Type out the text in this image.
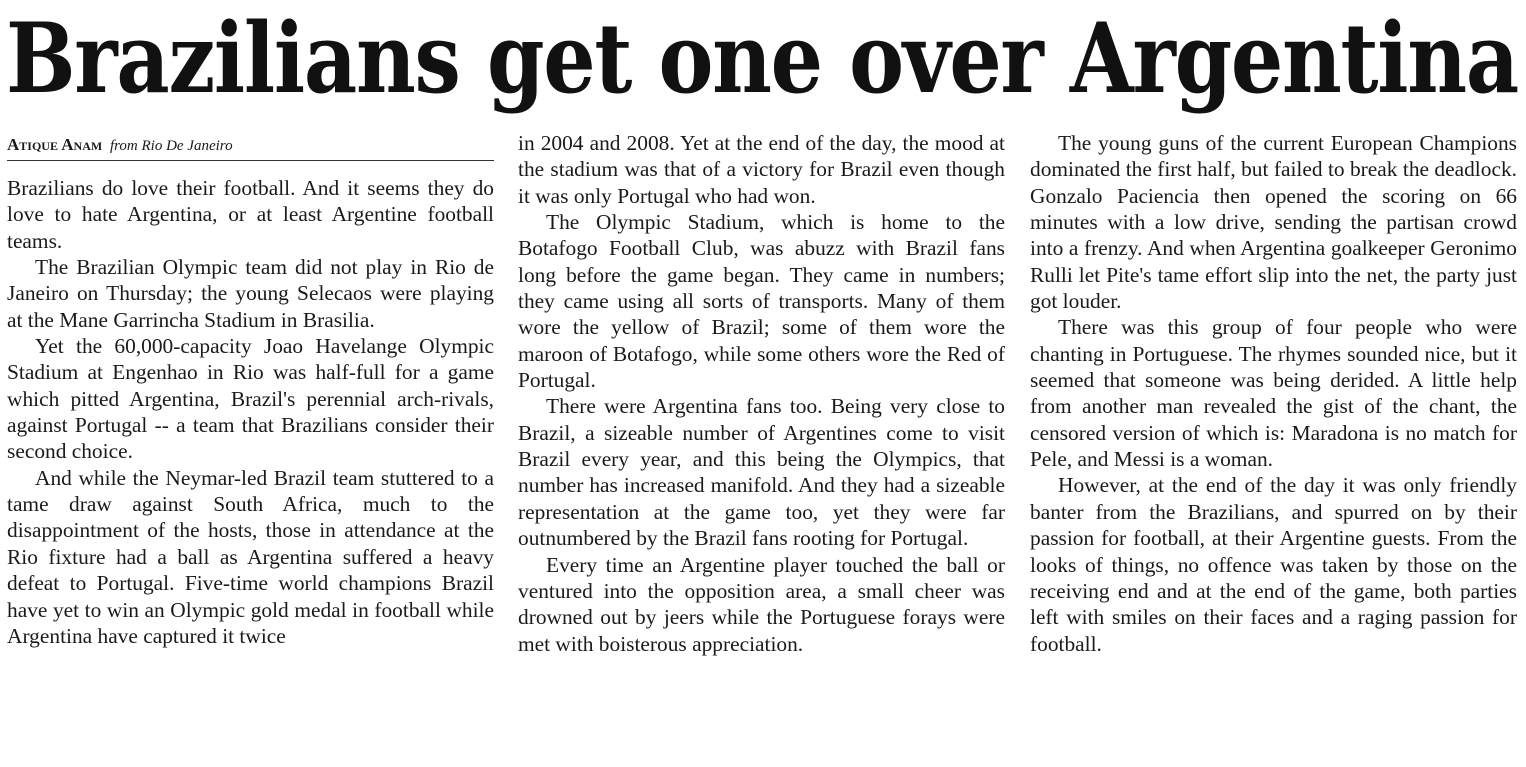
Brazilians get one over Argentina
Atique Anam from Rio De Janeiro

Brazilians do love their football. And it seems they do love to hate Argentina, or at least Argentine football teams.

The Brazilian Olympic team did not play in Rio de Janeiro on Thursday; the young Selecaos were playing at the Mane Garrincha Stadium in Brasilia.

Yet the 60,000-capacity Joao Havelange Olympic Stadium at Engenhao in Rio was half-full for a game which pitted Argentina, Brazil's perennial arch-rivals, against Portugal -- a team that Brazilians consider their second choice.

And while the Neymar-led Brazil team stuttered to a tame draw against South Africa, much to the disappointment of the hosts, those in attendance at the Rio fixture had a ball as Argentina suffered a heavy defeat to Portugal. Five-time world champions Brazil have yet to win an Olympic gold medal in football while Argentina have captured it twice

in 2004 and 2008. Yet at the end of the day, the mood at the stadium was that of a victory for Brazil even though it was only Portugal who had won.

The Olympic Stadium, which is home to the Botafogo Football Club, was abuzz with Brazil fans long before the game began. They came in numbers; they came using all sorts of transports. Many of them wore the yellow of Brazil; some of them wore the maroon of Botafogo, while some others wore the Red of Portugal.

There were Argentina fans too. Being very close to Brazil, a sizeable number of Argentines come to visit Brazil every year, and this being the Olympics, that number has increased manifold. And they had a sizeable representation at the game too, yet they were far outnumbered by the Brazil fans rooting for Portugal.

Every time an Argentine player touched the ball or ventured into the opposition area, a small cheer was drowned out by jeers while the Portuguese forays were met with boisterous appreciation.

The young guns of the current European Champions dominated the first half, but failed to break the deadlock. Gonzalo Paciencia then opened the scoring on 66 minutes with a low drive, sending the partisan crowd into a frenzy. And when Argentina goalkeeper Geronimo Rulli let Pite's tame effort slip into the net, the party just got louder.

There was this group of four people who were chanting in Portuguese. The rhymes sounded nice, but it seemed that someone was being derided. A little help from another man revealed the gist of the chant, the censored version of which is: Maradona is no match for Pele, and Messi is a woman.

However, at the end of the day it was only friendly banter from the Brazilians, and spurred on by their passion for football, at their Argentine guests. From the looks of things, no offence was taken by those on the receiving end and at the end of the game, both parties left with smiles on their faces and a raging passion for football.
